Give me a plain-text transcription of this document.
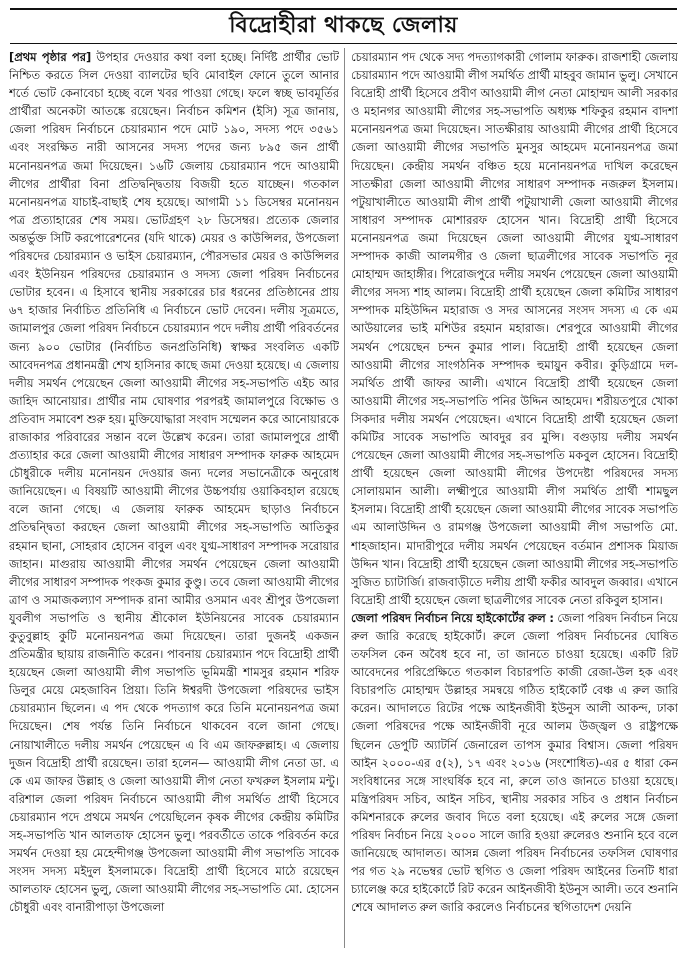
বিদ্রোহীরা থাকছে জেলায়

[প্রথম পৃষ্ঠার পর] উপহার দেওয়ার কথা বলা হচ্ছে। নির্দিষ্ট প্রার্থীর ভোট নিশ্চিত করতে সিল দেওয়া ব্যালটের ছবি মোবাইল ফোনে তুলে আনার শর্তে ভোট কেনাবেচা হচ্ছে বলে খবর পাওয়া গেছে। ফলে স্বচ্ছ ভাবমূর্তির প্রার্থীরা অনেকটা আতঙ্কে রয়েছেন। নির্বাচন কমিশন (ইসি) সূত্র জানায়, জেলা পরিষদ নির্বাচনে চেয়ারম্যান পদে মোট ১৯০, সদস্য পদে ৩৫৬১ এবং সংরক্ষিত নারী আসনের সদস্য পদের জন্য ৮৯৫ জন প্রার্থী মনোনয়নপত্র জমা দিয়েছেন। ১৬টি জেলায় চেয়ারম্যান পদে আওয়ামী লীগের প্রার্থীরা বিনা প্রতিদ্বন্দ্বিতায় বিজয়ী হতে যাচ্ছেন। গতকাল মনোনয়নপত্র যাচাই-বাছাই শেষ হয়েছে। আগামী ১১ ডিসেম্বর মনোনয়ন পত্র প্রত্যাহারের শেষ সময়। ভোটগ্রহণ ২৮ ডিসেম্বর। প্রত্যেক জেলার অন্তর্ভুক্ত সিটি করপোরেশনের (যদি থাকে) মেয়র ও কাউন্সিলর, উপজেলা পরিষদের চেয়ারম্যান ও ভাইস চেয়ারম্যান, পৌরসভার মেয়র ও কাউন্সিলর এবং ইউনিয়ন পরিষদের চেয়ারম্যান ও সদস্য জেলা পরিষদ নির্বাচনের ভোটার হবেন। এ হিসাবে স্থানীয় সরকারের চার ধরনের প্রতিষ্ঠানের প্রায় ৬৭ হাজার নির্বাচিত প্রতিনিধি এ নির্বাচনে ভোট দেবেন। দলীয় সূত্রমতে, জামালপুর জেলা পরিষদ নির্বাচনে চেয়ারম্যান পদে দলীয় প্রার্থী পরিবর্তনের জন্য ৯০০ ভোটার (নির্বাচিত জনপ্রতিনিধি) স্বাক্ষর সংবলিত একটি আবেদনপত্র প্রধানমন্ত্রী শেখ হাসিনার কাছে জমা দেওয়া হয়েছে। এ জেলায় দলীয় সমর্থন পেয়েছেন জেলা আওয়ামী লীগের সহ-সভাপতি এইচ আর জাহিদ আনোয়ার। প্রার্থীর নাম ঘোষণার পরপরই জামালপুরে বিক্ষোভ ও প্রতিবাদ সমাবেশ শুরু হয়। মুক্তিযোদ্ধারা সংবাদ সম্মেলন করে আনোয়ারকে রাজাকার পরিবারের সন্তান বলে উল্লেখ করেন। তারা জামালপুরে প্রার্থী প্রত্যাহার করে জেলা আওয়ামী লীগের সাধারণ সম্পাদক ফারুক আহমেদ চৌধুরীকে দলীয় মনোনয়ন দেওয়ার জন্য দলের সভানেত্রীকে অনুরোধ জানিয়েছেন। এ বিষয়টি আওয়ামী লীগের উচ্চপর্যায় ওয়াকিবহাল রয়েছে বলে জানা গেছে। এ জেলায় ফারুক আহমেদ ছাড়াও নির্বাচনে প্রতিদ্বন্দ্বিতা করছেন জেলা আওয়ামী লীগের সহ-সভাপতি আতিকুর রহমান ছানা, সোহরাব হোসেন বাবুল এবং যুগ্ম-সাধারণ সম্পাদক সরোয়ার জাহান। মাগুরায় আওয়ামী লীগের সমর্থন পেয়েছেন জেলা আওয়ামী লীগের সাধারণ সম্পাদক পংকজ কুমার কুণ্ডু। তবে জেলা আওয়ামী লীগের ত্রাণ ও সমাজকল্যাণ সম্পাদক রানা আমীর ওসমান এবং শ্রীপুর উপজেলা যুবলীগ সভাপতি ও স্থানীয় শ্রীকোল ইউনিয়নের সাবেক চেয়ারম্যান কুতুবুল্লাহ কুটি মনোনয়নপত্র জমা দিয়েছেন। তারা দুজনই একজন প্রতিমন্ত্রীর ছায়ায় রাজনীতি করেন। পাবনায় চেয়ারম্যান পদে বিদ্রোহী প্রার্থী হয়েছেন জেলা আওয়ামী লীগ সভাপতি ভূমিমন্ত্রী শামসুর রহমান শরিফ ডিলুর মেয়ে মেহজাবিন প্রিয়া। তিনি ঈশ্বরদী উপজেলা পরিষদের ভাইস চেয়ারম্যান ছিলেন। এ পদ থেকে পদত্যাগ করে তিনি মনোনয়নপত্র জমা দিয়েছেন। শেষ পর্যন্ত তিনি নির্বাচনে থাকবেন বলে জানা গেছে। নোয়াখালীতে দলীয় সমর্থন পেয়েছেন এ বি এম জাফরুল্লাহ। এ জেলায় দুজন বিদ্রোহী প্রার্থী রয়েছেন। তারা হলেন— আওয়ামী লীগ নেতা ডা. এ কে এম জাফর উল্লাহ ও জেলা আওয়ামী লীগ নেতা ফখরুল ইসলাম মন্টু। বরিশাল জেলা পরিষদ নির্বাচনে আওয়ামী লীগ সমর্থিত প্রার্থী হিসেবে চেয়ারম্যান পদে প্রথমে সমর্থন পেয়েছিলেন কৃষক লীগের কেন্দ্রীয় কমিটির সহ-সভাপতি খান আলতাফ হোসেন ভুলু। পরবর্তীতে তাকে পরিবর্তন করে সমর্থন দেওয়া হয় মেহেন্দীগঞ্জ উপজেলা আওয়ামী লীগ সভাপতি সাবেক সংসদ সদস্য মইদুল ইসলামকে। বিদ্রোহী প্রার্থী হিসেবে মাঠে রয়েছেন আলতাফ হোসেন ভুলু, জেলা আওয়ামী লীগের সহ-সভাপতি মো. হোসেন চৌধুরী এবং বানারীপাড়া উপজেলা

চেয়ারম্যান পদ থেকে সদ্য পদত্যাগকারী গোলাম ফারুক। রাজশাহী জেলায় চেয়ারম্যান পদে আওয়ামী লীগ সমর্থিত প্রার্থী মাহবুব জামান ভুলু। সেখানে বিদ্রোহী প্রার্থী হিসেবে প্রবীণ আওয়ামী লীগ নেতা মোহাম্মদ আলী সরকার ও মহানগর আওয়ামী লীগের সহ-সভাপতি অধ্যক্ষ শফিকুর রহমান বাদশা মনোনয়নপত্র জমা দিয়েছেন। সাতক্ষীরায় আওয়ামী লীগের প্রার্থী হিসেবে জেলা আওয়ামী লীগের সভাপতি মুনসুর আহমেদ মনোনয়নপত্র জমা দিয়েছেন। কেন্দ্রীয় সমর্থন বঞ্চিত হয়ে মনোনয়নপত্র দাখিল করেছেন সাতক্ষীরা জেলা আওয়ামী লীগের সাধারণ সম্পাদক নজরুল ইসলাম। পটুয়াখালীতে আওয়ামী লীগ প্রার্থী পটুয়াখালী জেলা আওয়ামী লীগের সাধারণ সম্পাদক মোশাররফ হোসেন খান। বিদ্রোহী প্রার্থী হিসেবে মনোনয়নপত্র জমা দিয়েছেন জেলা আওয়ামী লীগের যুগ্ম-সাধারণ সম্পাদক কাজী আলমগীর ও জেলা ছাত্রলীগের সাবেক সভাপতি নূর মোহাম্মদ জাহাঙ্গীর। পিরোজপুরে দলীয় সমর্থন পেয়েছেন জেলা আওয়ামী লীগের সদস্য শাহ আলম। বিদ্রোহী প্রার্থী হয়েছেন জেলা কমিটির সাধারণ সম্পাদক মহিউদ্দিন মহারাজ ও সদর আসনের সংসদ সদস্য এ কে এম আউয়ালের ভাই মশিউর রহমান মহারাজ। শেরপুরে আওয়ামী লীগের সমর্থন পেয়েছেন চন্দন কুমার পাল। বিদ্রোহী প্রার্থী হয়েছেন জেলা আওয়ামী লীগের সাংগঠনিক সম্পাদক হুমায়ুন কবীর। কুড়িগ্রামে দল-সমর্থিত প্রার্থী জাফর আলী। এখানে বিদ্রোহী প্রার্থী হয়েছেন জেলা আওয়ামী লীগের সহ-সভাপতি পনির উদ্দিন আহমেদ। শরীয়তপুরে খোকা সিকদার দলীয় সমর্থন পেয়েছেন। এখানে বিদ্রোহী প্রার্থী হয়েছেন জেলা কমিটির সাবেক সভাপতি আবদুর রব মুন্সি। বগুড়ায় দলীয় সমর্থন পেয়েছেন জেলা আওয়ামী লীগের সহ-সভাপতি মকবুল হোসেন। বিদ্রোহী প্রার্থী হয়েছেন জেলা আওয়ামী লীগের উপদেষ্টা পরিষদের সদস্য সোলায়মান আলী। লক্ষ্মীপুরে আওয়ামী লীগ সমর্থিত প্রার্থী শামছুল ইসলাম। বিদ্রোহী প্রার্থী হয়েছেন জেলা আওয়ামী লীগের সাবেক সভাপতি এম আলাউদ্দিন ও রামগঞ্জ উপজেলা আওয়ামী লীগ সভাপতি মো. শাহজাহান। মাদারীপুরে দলীয় সমর্থন পেয়েছেন বর্তমান প্রশাসক মিয়াজ উদ্দিন খান। বিদ্রোহী প্রার্থী হয়েছেন জেলা আওয়ামী লীগের সহ-সভাপতি সুজিত চ্যাটার্জি। রাজবাড়ীতে দলীয় প্রার্থী ফকীর আবদুল জব্বার। এখানে বিদ্রোহী প্রার্থী হয়েছেন জেলা ছাত্রলীগের সাবেক নেতা রকিবুল হাসান।

জেলা পরিষদ নির্বাচন নিয়ে হাইকোর্টের রুল : জেলা পরিষদ নির্বাচন নিয়ে রুল জারি করেছে হাইকোর্ট। রুলে জেলা পরিষদ নির্বাচনের ঘোষিত তফসিল কেন অবৈধ হবে না, তা জানতে চাওয়া হয়েছে। একটি রিট আবেদনের পরিপ্রেক্ষিতে গতকাল বিচারপতি কাজী রেজা-উল হক এবং বিচারপতি মোহাম্মদ উল্লাহর সমন্বয়ে গঠিত হাইকোর্ট বেঞ্চ এ রুল জারি করেন। আদালতে রিটের পক্ষে আইনজীবী ইউনুস আলী আকন্দ, ঢাকা জেলা পরিষদের পক্ষে আইনজীবী নূরে আলম উজ্জ্বল ও রাষ্ট্রপক্ষে ছিলেন ডেপুটি অ্যাটর্নি জেনারেল তাপস কুমার বিশ্বাস। জেলা পরিষদ আইন ২০০০-এর ৫(২), ১৭ এবং ২০১৬ (সংশোধিত)-এর ৫ ধারা কেন সংবিধানের সঙ্গে সাংঘর্ষিক হবে না, রুলে তাও জানতে চাওয়া হয়েছে। মন্ত্রিপরিষদ সচিব, আইন সচিব, স্থানীয় সরকার সচিব ও প্রধান নির্বাচন কমিশনারকে রুলের জবাব দিতে বলা হয়েছে। এই রুলের সঙ্গে জেলা পরিষদ নির্বাচন নিয়ে ২০০০ সালে জারি হওয়া রুলেরও শুনানি হবে বলে জানিয়েছে আদালত। আসন্ন জেলা পরিষদ নির্বাচনের তফসিল ঘোষণার পর গত ২৯ নভেম্বর ভোট স্থগিত ও জেলা পরিষদ আইনের তিনটি ধারা চ্যালেঞ্জ করে হাইকোর্টে রিট করেন আইনজীবী ইউনুস আলী। তবে শুনানি শেষে আদালত রুল জারি করলেও নির্বাচনের স্থগিতাদেশ দেয়নি
